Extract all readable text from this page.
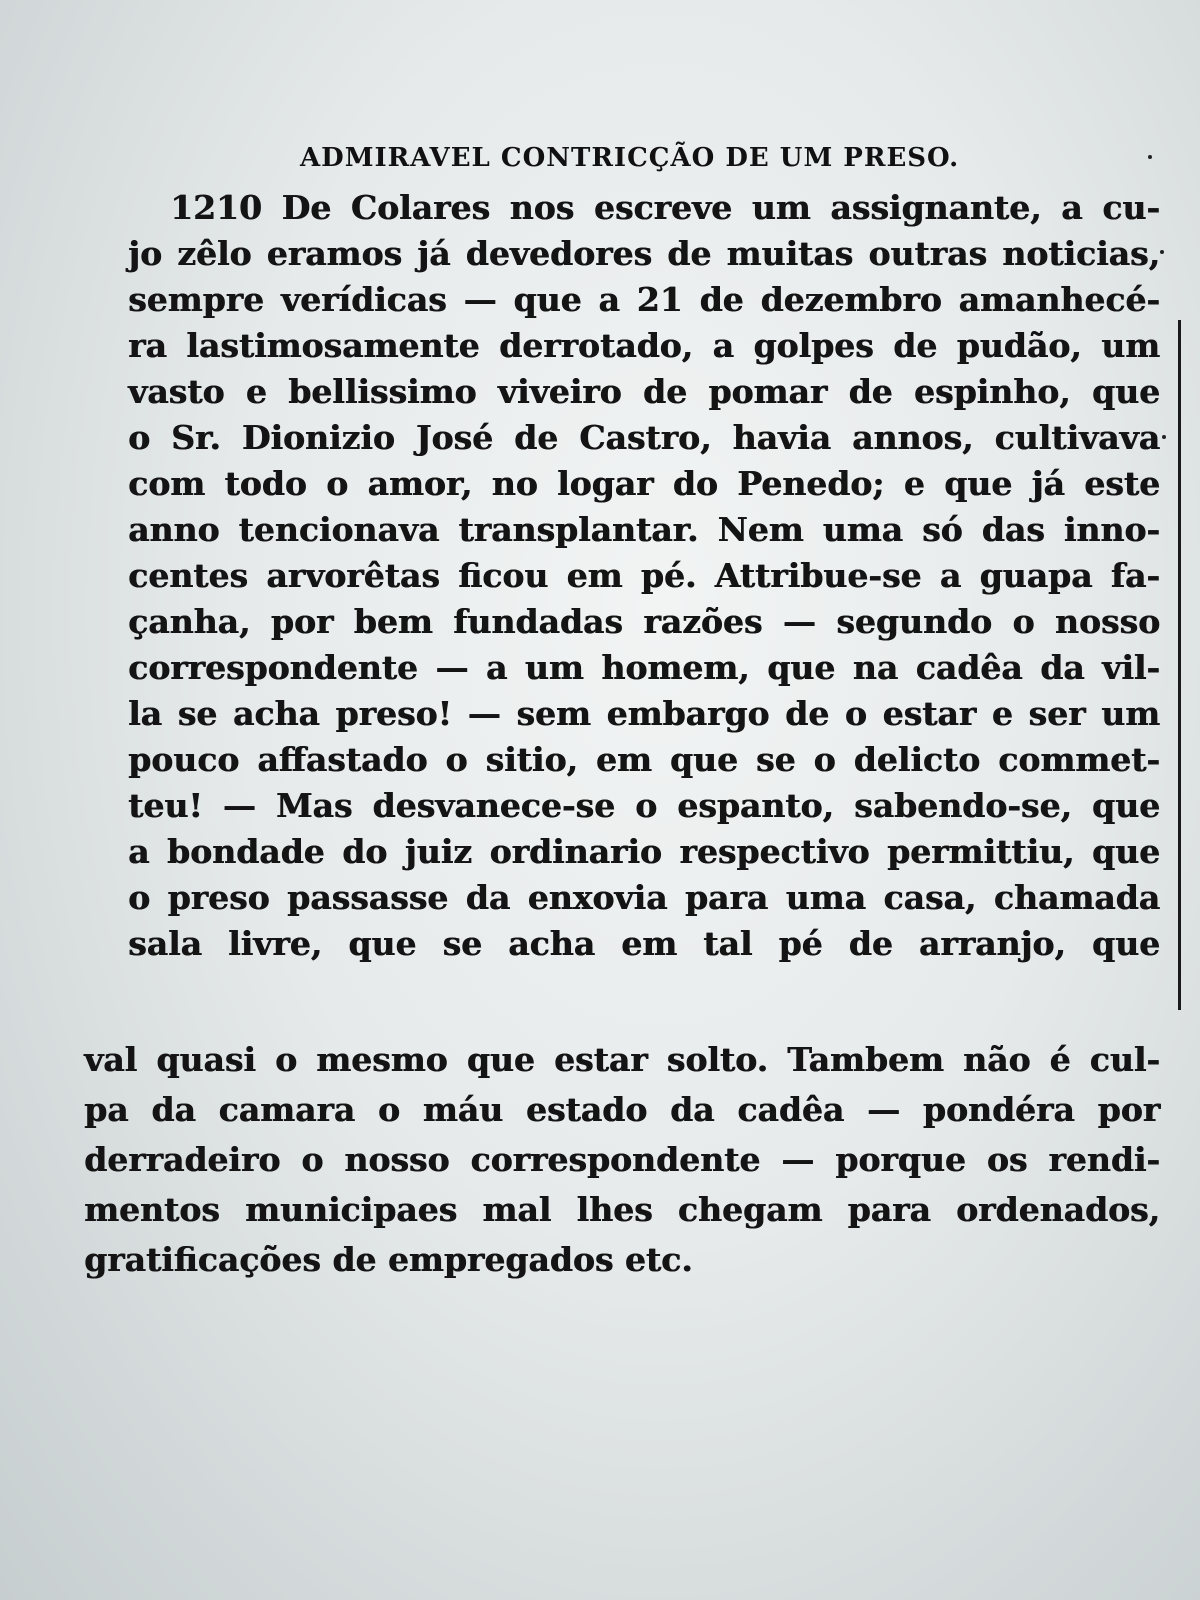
ADMIRAVEL CONTRICÇÃO DE UM PRESO.
1210 De Colares nos escreve um assignante, a cu-
jo zêlo eramos já devedores de muitas outras noticias,
sempre verídicas — que a 21 de dezembro amanhecé-
ra lastimosamente derrotado, a golpes de pudão, um
vasto e bellissimo viveiro de pomar de espinho, que
o Sr. Dionizio José de Castro, havia annos, cultivava
com todo o amor, no logar do Penedo; e que já este
anno tencionava transplantar. Nem uma só das inno-
centes arvorêtas ficou em pé. Attribue-se a guapa fa-
çanha, por bem fundadas razões — segundo o nosso
correspondente — a um homem, que na cadêa da vil-
la se acha preso! — sem embargo de o estar e ser um
pouco affastado o sitio, em que se o delicto commet-
teu! — Mas desvanece-se o espanto, sabendo-se, que
a bondade do juiz ordinario respectivo permittiu, que
o preso passasse da enxovia para uma casa, chamada
sala livre, que se acha em tal pé de arranjo, que
val quasi o mesmo que estar solto. Tambem não é cul-
pa da camara o máu estado da cadêa — pondéra por
derradeiro o nosso correspondente — porque os rendi-
mentos municipaes mal lhes chegam para ordenados,
gratificações de empregados etc.
